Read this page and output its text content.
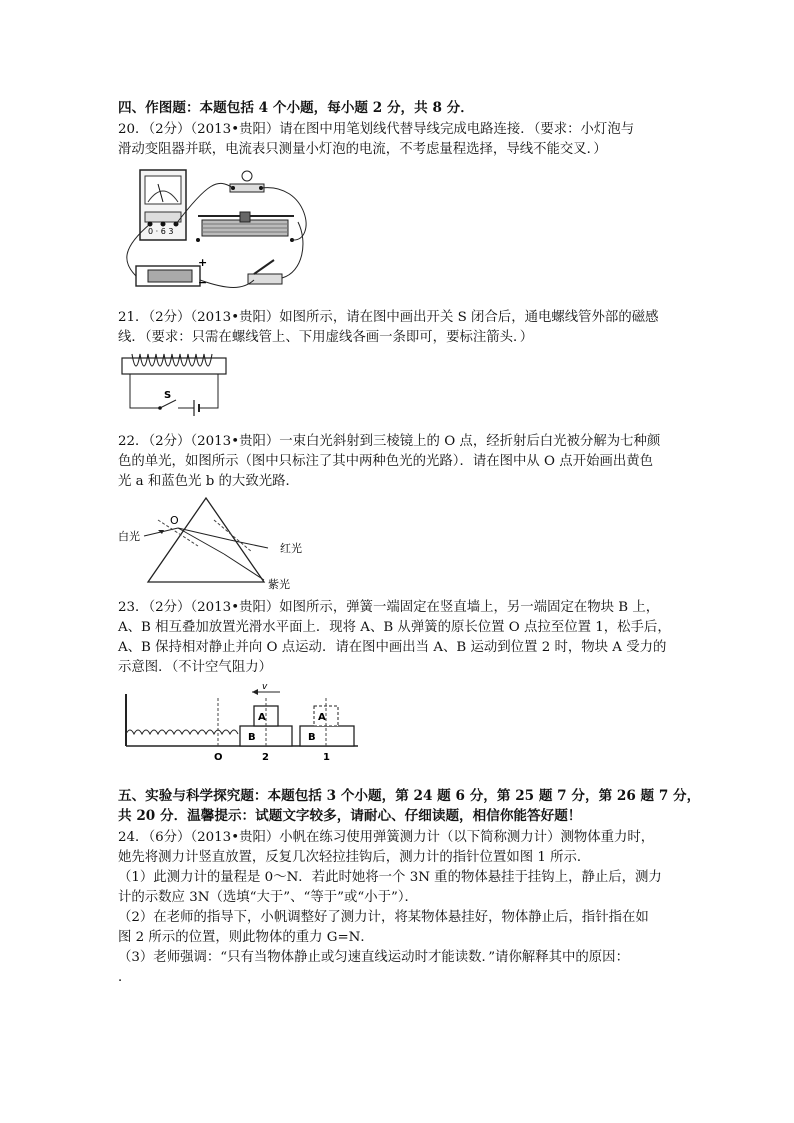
四、作图题：本题包括 4 个小题，每小题 2 分，共 8 分．
20．（2分）（2013•贵阳）请在图中用笔划线代替导线完成电路连接．（要求：小灯泡与
滑动变阻器并联，电流表只测量小灯泡的电流，不考虑量程选择，导线不能交叉．）
0 · 6 3
+
−
21．（2分）（2013•贵阳）如图所示，请在图中画出开关 S 闭合后，通电螺线管外部的磁感
线．（要求：只需在螺线管上、下用虚线各画一条即可，要标注箭头．）
S
22．（2分）（2013•贵阳）一束白光斜射到三棱镜上的 O 点，经折射后白光被分解为七种颜
色的单光，如图所示（图中只标注了其中两种色光的光路）．请在图中从 O 点开始画出黄色
光 a 和蓝色光 b 的大致光路．
白光
O
红光
紫光
23．（2分）（2013•贵阳）如图所示，弹簧一端固定在竖直墙上，另一端固定在物块 B 上，
A、B 相互叠加放置光滑水平面上．现将 A、B 从弹簧的原长位置 O 点拉至位置 1，松手后，
A、B 保持相对静止并向 O 点运动．请在图中画出当 A、B 运动到位置 2 时，物块 A 受力的
示意图．（不计空气阻力）
O
B
A
2
v
B
A
1
五、实验与科学探究题：本题包括 3 个小题，第 24 题 6 分，第 25 题 7 分，第 26 题 7 分，
共 20 分．温馨提示：试题文字较多，请耐心、仔细读题，相信你能答好题！
24．（6分）（2013•贵阳）小帆在练习使用弹簧测力计（以下简称测力计）测物体重力时，
她先将测力计竖直放置，反复几次轻拉挂钩后，测力计的指针位置如图 1 所示．
（1）此测力计的量程是 0～N．若此时她将一个 3N 重的物体悬挂于挂钩上，静止后，测力
计的示数应 3N（选填“大于”、“等于”或“小于”）．
（2）在老师的指导下，小帆调整好了测力计，将某物体悬挂好，物体静止后，指针指在如
图 2 所示的位置，则此物体的重力 G=N．
（3）老师强调：“只有当物体静止或匀速直线运动时才能读数．”请你解释其中的原因：
．
